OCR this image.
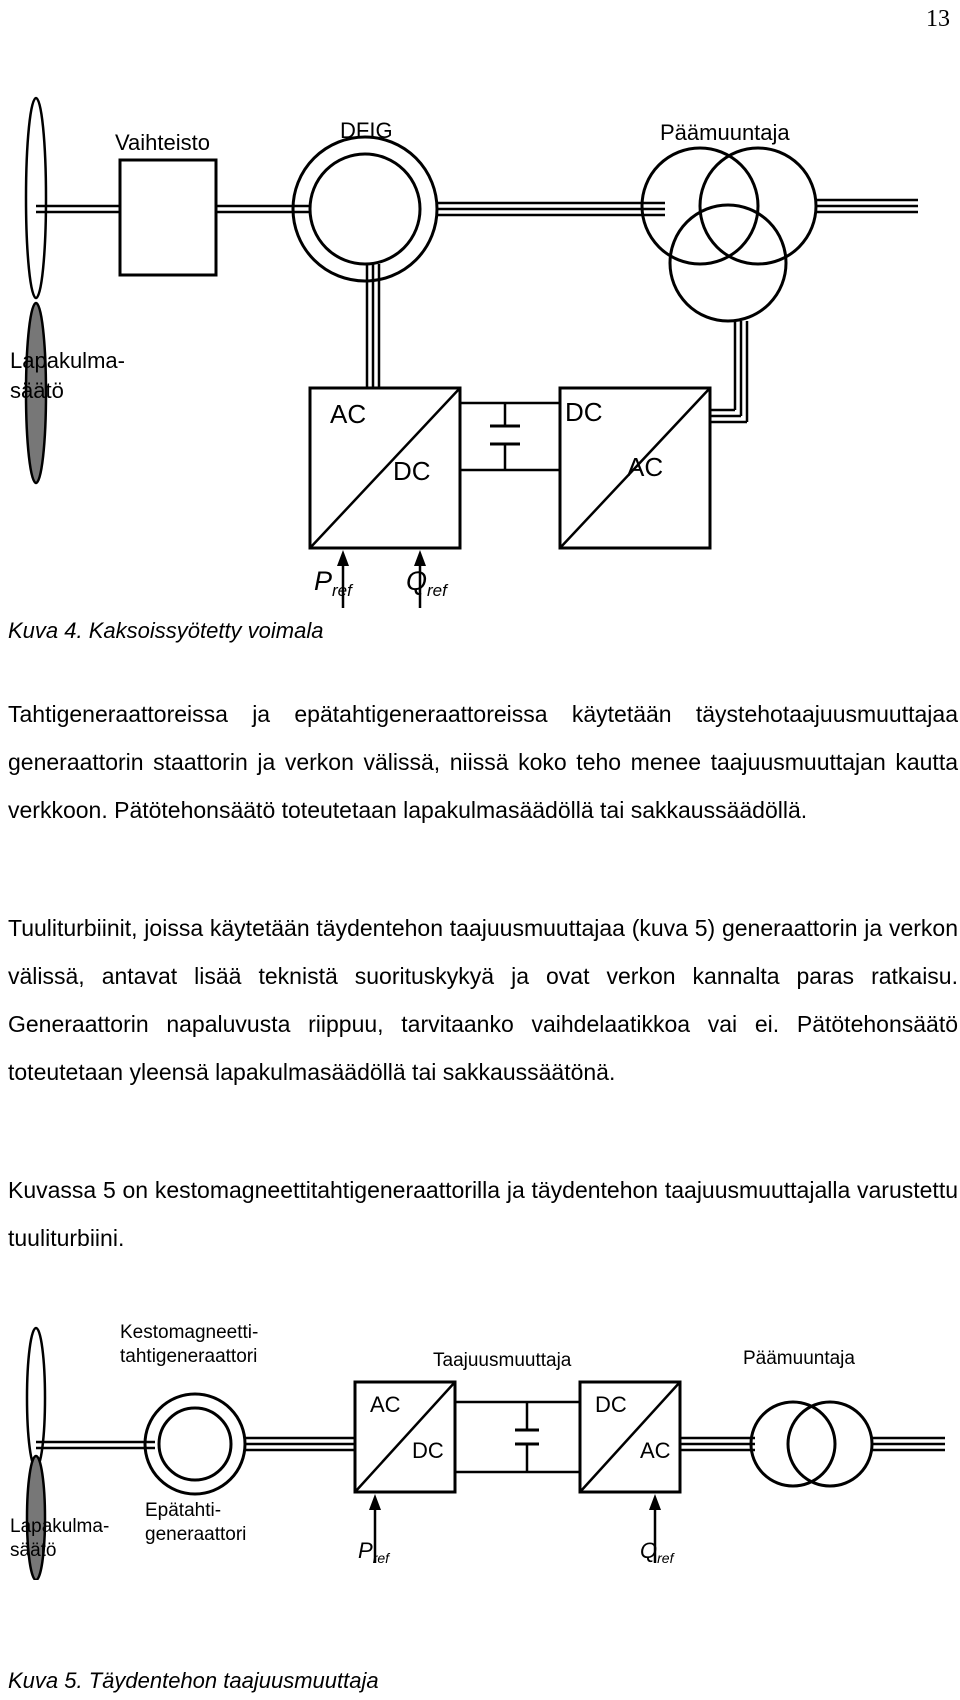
13
Vaihteisto	DFIG	Päämuuntaja
Lapakulma-
säätö
AC
DC
DC
AC
$P_{ref}$ $Q_{ref}$
Kuva 4. Kaksoissyötetty voimala
Tahtigeneraattoreissa ja epätahtigeneraattoreissa käytetään täystehotaajuusmuuttajaa generaattorin staattorin ja verkon välissä, niissä koko teho menee taajuusmuuttajan kautta verkkoon. Pätötehonsäätö toteutetaan lapakulmasäädöllä tai sakkaussäädöllä.
Tuuliturbiinit, joissa käytetään täydentehon taajuusmuuttajaa (kuva 5) generaattorin ja verkon välissä, antavat lisää teknistä suorituskykyä ja ovat verkon kannalta paras ratkaisu. Generaattorin napaluvusta riippuu, tarvitaanko vaihdelaatikkoa vai ei. Pätötehonsäätö toteutetaan yleensä lapakulmasäädöllä tai sakkaussäätönä.
Kuvassa 5 on kestomagneettitahtigeneraattorilla ja täydentehon taajuusmuuttajalla varustettu tuuliturbiini.
Kestomagneetti-
tahtigeneraattori	Taajuusmuuttaja	Päämuuntaja
Epätahti-
generaattori
Lapakulma-
säätö
AC
DC
DC
AC
$P_{ref}$	$Q_{ref}$
Kuva 5. Täydentehon taajuusmuuttaja
